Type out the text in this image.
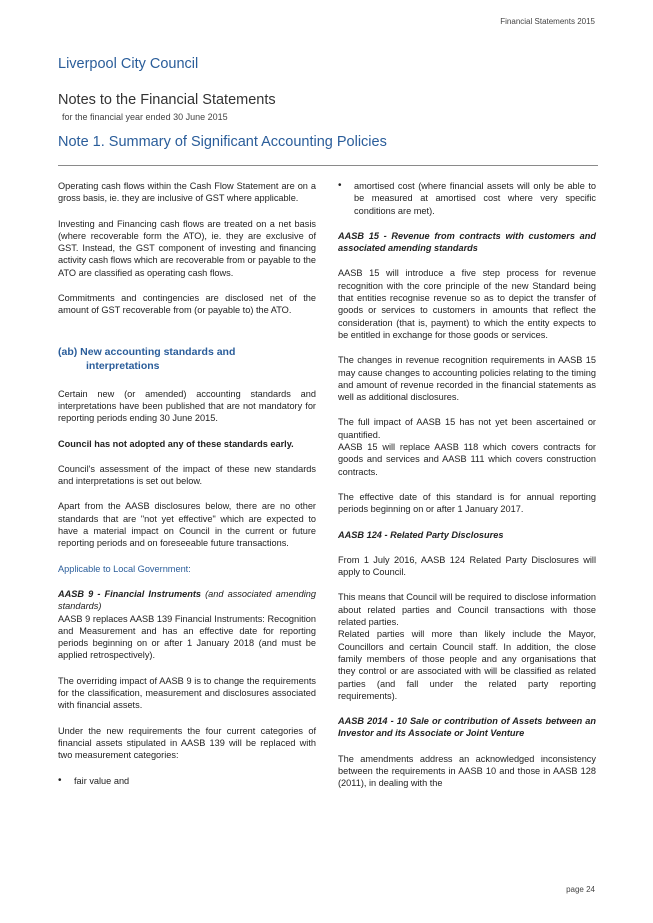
Financial Statements 2015
Liverpool City Council
Notes to the Financial Statements
for the financial year ended 30 June 2015
Note 1. Summary of Significant Accounting Policies

Operating cash flows within the Cash Flow Statement are on a gross basis, ie. they are inclusive of GST where applicable.

Investing and Financing cash flows are treated on a net basis (where recoverable form the ATO), ie. they are exclusive of GST. Instead, the GST component of investing and financing activity cash flows which are recoverable from or payable to the ATO are classified as operating cash flows.

Commitments and contingencies are disclosed net of the amount of GST recoverable from (or payable to) the ATO.

(ab) New accounting standards and
interpretations

Certain new (or amended) accounting standards and interpretations have been published that are not mandatory for reporting periods ending 30 June 2015.

Council has not adopted any of these standards early.

Council's assessment of the impact of these new standards and interpretations is set out below.

Apart from the AASB disclosures below, there are no other standards that are "not yet effective" which are expected to have a material impact on Council in the current or future reporting periods and on foreseeable future transactions.

Applicable to Local Government:

AASB 9 - Financial Instruments (and associated amending standards)

AASB 9 replaces AASB 139 Financial Instruments: Recognition and Measurement and has an effective date for reporting periods beginning on or after 1 January 2018 (and must be applied retrospectively).

The overriding impact of AASB 9 is to change the requirements for the classification, measurement and disclosures associated with financial assets.

Under the new requirements the four current categories of financial assets stipulated in AASB 139 will be replaced with two measurement categories:

•	fair value and
•	amortised cost (where financial assets will only be able to be measured at amortised cost where very specific conditions are met).

AASB 15 - Revenue from contracts with customers and associated amending standards

AASB 15 will introduce a five step process for revenue recognition with the core principle of the new Standard being that entities recognise revenue so as to depict the transfer of goods or services to customers in amounts that reflect the consideration (that is, payment) to which the entity expects to be entitled in exchange for those goods or services.

The changes in revenue recognition requirements in AASB 15 may cause changes to accounting policies relating to the timing and amount of revenue recorded in the financial statements as well as additional disclosures.

The full impact of AASB 15 has not yet been ascertained or quantified.

AASB 15 will replace AASB 118 which covers contracts for goods and services and AASB 111 which covers construction contracts.

The effective date of this standard is for annual reporting periods beginning on or after 1 January 2017.

AASB 124 - Related Party Disclosures

From 1 July 2016, AASB 124 Related Party Disclosures will apply to Council.

This means that Council will be required to disclose information about related parties and Council transactions with those related parties.

Related parties will more than likely include the Mayor, Councillors and certain Council staff. In addition, the close family members of those people and any organisations that they control or are associated with will be classified as related parties (and fall under the related party reporting requirements).

AASB 2014 - 10 Sale or contribution of Assets between an Investor and its Associate or Joint Venture

The amendments address an acknowledged inconsistency between the requirements in AASB 10 and those in AASB 128 (2011), in dealing with the

page 24
